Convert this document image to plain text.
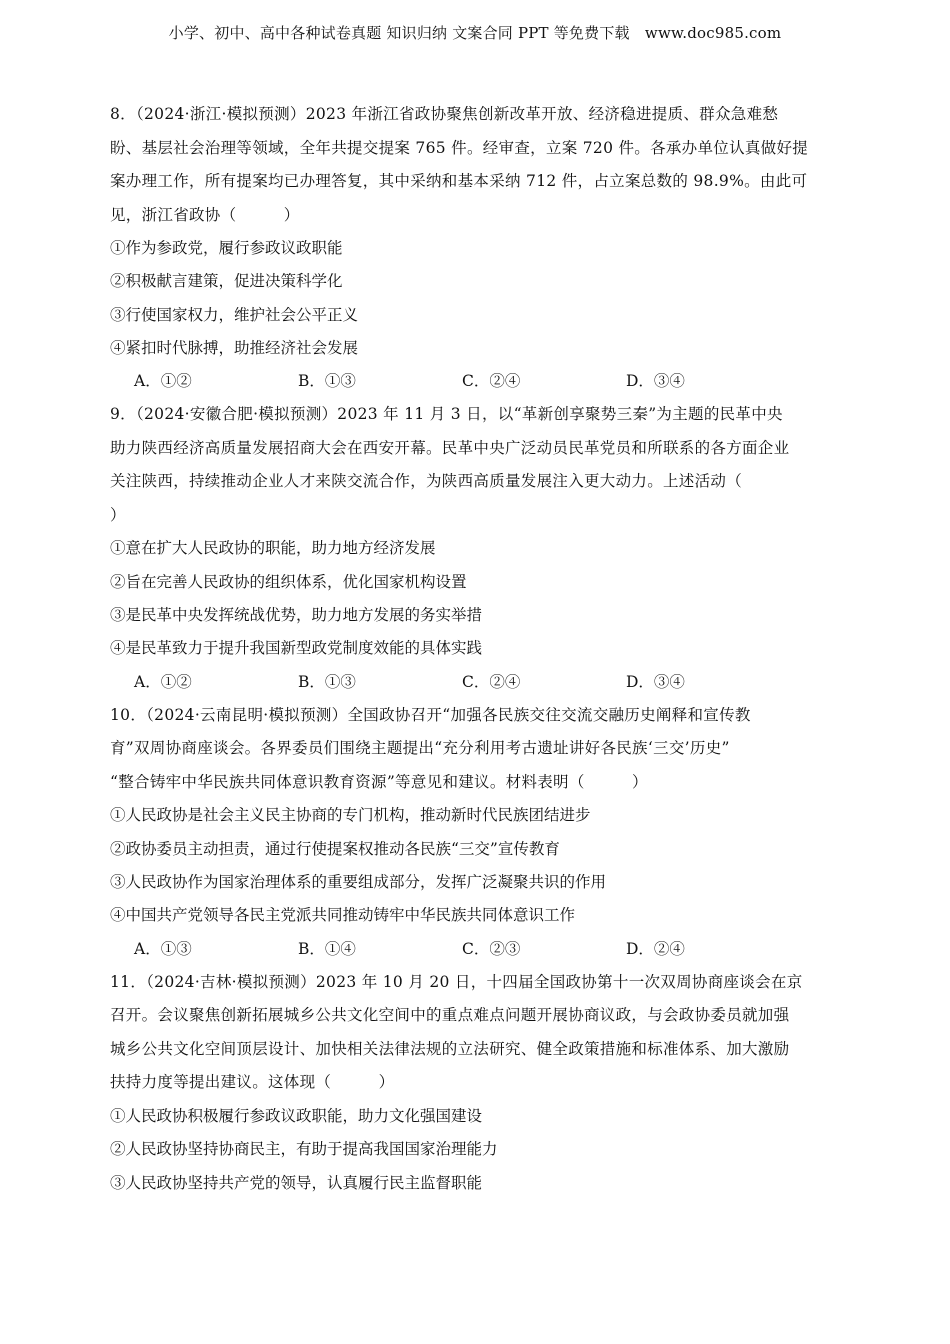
小学、初中、高中各种试卷真题 知识归纳 文案合同 PPT 等免费下载　www.doc985.com
8．（2024·浙江·模拟预测）2023 年浙江省政协聚焦创新改革开放、经济稳进提质、群众急难愁
盼、基层社会治理等领域，全年共提交提案 765 件。经审查，立案 720 件。各承办单位认真做好提
案办理工作，所有提案均已办理答复，其中采纳和基本采纳 712 件，占立案总数的 98.9%。由此可
见，浙江省政协（　　　）
①作为参政党，履行参政议政职能
②积极献言建策，促进决策科学化
③行使国家权力，维护社会公平正义
④紧扣时代脉搏，助推经济社会发展
A．①②	B．①③	C．②④	D．③④
9．（2024·安徽合肥·模拟预测）2023 年 11 月 3 日，以“革新创享聚势三秦”为主题的民革中央
助力陕西经济高质量发展招商大会在西安开幕。民革中央广泛动员民革党员和所联系的各方面企业
关注陕西，持续推动企业人才来陕交流合作，为陕西高质量发展注入更大动力。上述活动（
）
①意在扩大人民政协的职能，助力地方经济发展
②旨在完善人民政协的组织体系，优化国家机构设置
③是民革中央发挥统战优势，助力地方发展的务实举措
④是民革致力于提升我国新型政党制度效能的具体实践
A．①②	B．①③	C．②④	D．③④
10．（2024·云南昆明·模拟预测）全国政协召开“加强各民族交往交流交融历史阐释和宣传教
育”双周协商座谈会。各界委员们围绕主题提出“充分利用考古遗址讲好各民族‘三交’历史”
“整合铸牢中华民族共同体意识教育资源”等意见和建议。材料表明（　　　）
①人民政协是社会主义民主协商的专门机构，推动新时代民族团结进步
②政协委员主动担责，通过行使提案权推动各民族“三交”宣传教育
③人民政协作为国家治理体系的重要组成部分，发挥广泛凝聚共识的作用
④中国共产党领导各民主党派共同推动铸牢中华民族共同体意识工作
A．①③	B．①④	C．②③	D．②④
11．（2024·吉林·模拟预测）2023 年 10 月 20 日，十四届全国政协第十一次双周协商座谈会在京
召开。会议聚焦创新拓展城乡公共文化空间中的重点难点问题开展协商议政，与会政协委员就加强
城乡公共文化空间顶层设计、加快相关法律法规的立法研究、健全政策措施和标准体系、加大激励
扶持力度等提出建议。这体现（　　　）
①人民政协积极履行参政议政职能，助力文化强国建设
②人民政协坚持协商民主，有助于提高我国国家治理能力
③人民政协坚持共产党的领导，认真履行民主监督职能
